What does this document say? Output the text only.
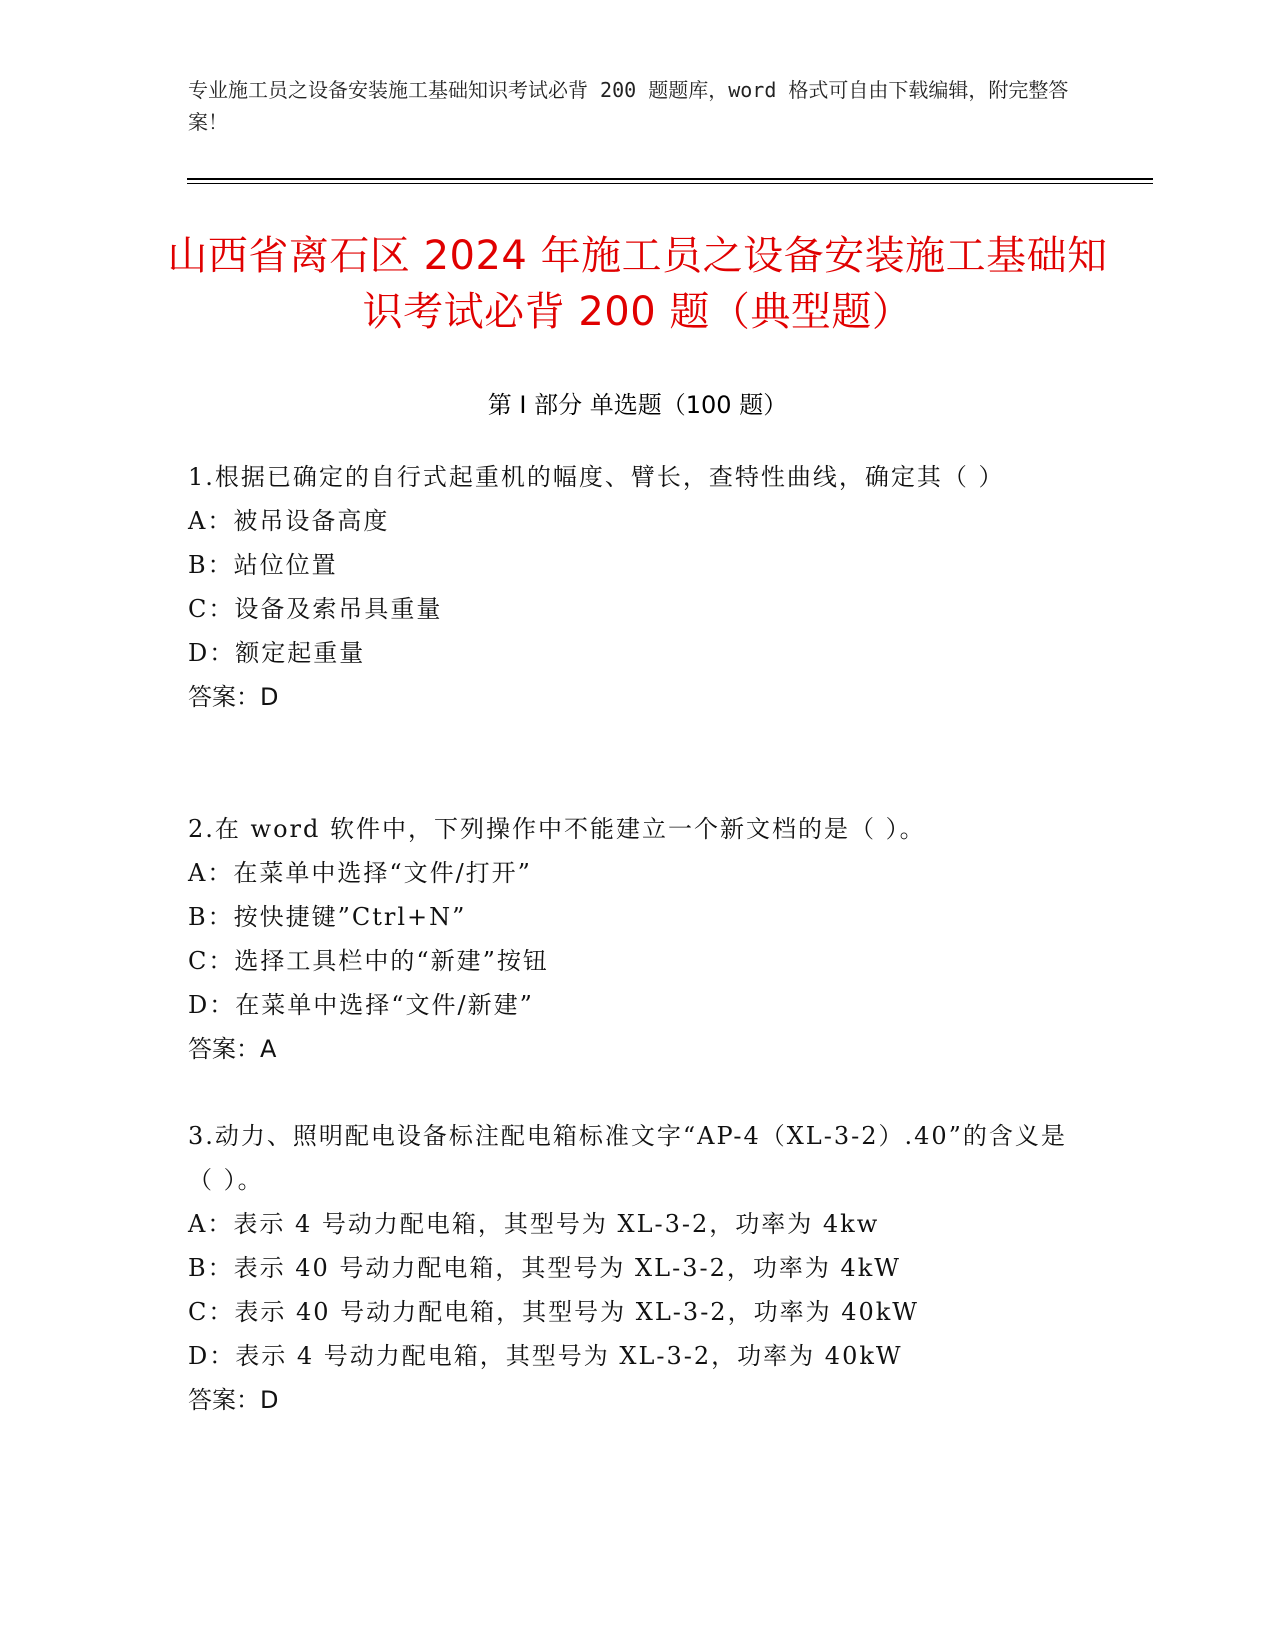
专业施工员之设备安装施工基础知识考试必背 200 题题库，word 格式可自由下载编辑，附完整答案！
山西省离石区 2024 年施工员之设备安装施工基础知识考试必背 200 题（典型题）
第 I 部分 单选题（100 题）

1.根据已确定的自行式起重机的幅度、臂长，查特性曲线，确定其（ ）

A：被吊设备高度

B：站位位置

C：设备及索吊具重量

D：额定起重量

答案：D

2.在 word 软件中，下列操作中不能建立一个新文档的是（ ）。

A：在菜单中选择“文件/打开”

B：按快捷键”Ctrl+N”

C：选择工具栏中的“新建”按钮

D：在菜单中选择“文件/新建”

答案：A

3.动力、照明配电设备标注配电箱标准文字“AP-4（XL-3-2）.40”的含义是（ ）。

A：表示 4 号动力配电箱，其型号为 XL-3-2，功率为 4kw

B：表示 40 号动力配电箱，其型号为 XL-3-2，功率为 4kW

C：表示 40 号动力配电箱，其型号为 XL-3-2，功率为 40kW

D：表示 4 号动力配电箱，其型号为 XL-3-2，功率为 40kW

答案：D
